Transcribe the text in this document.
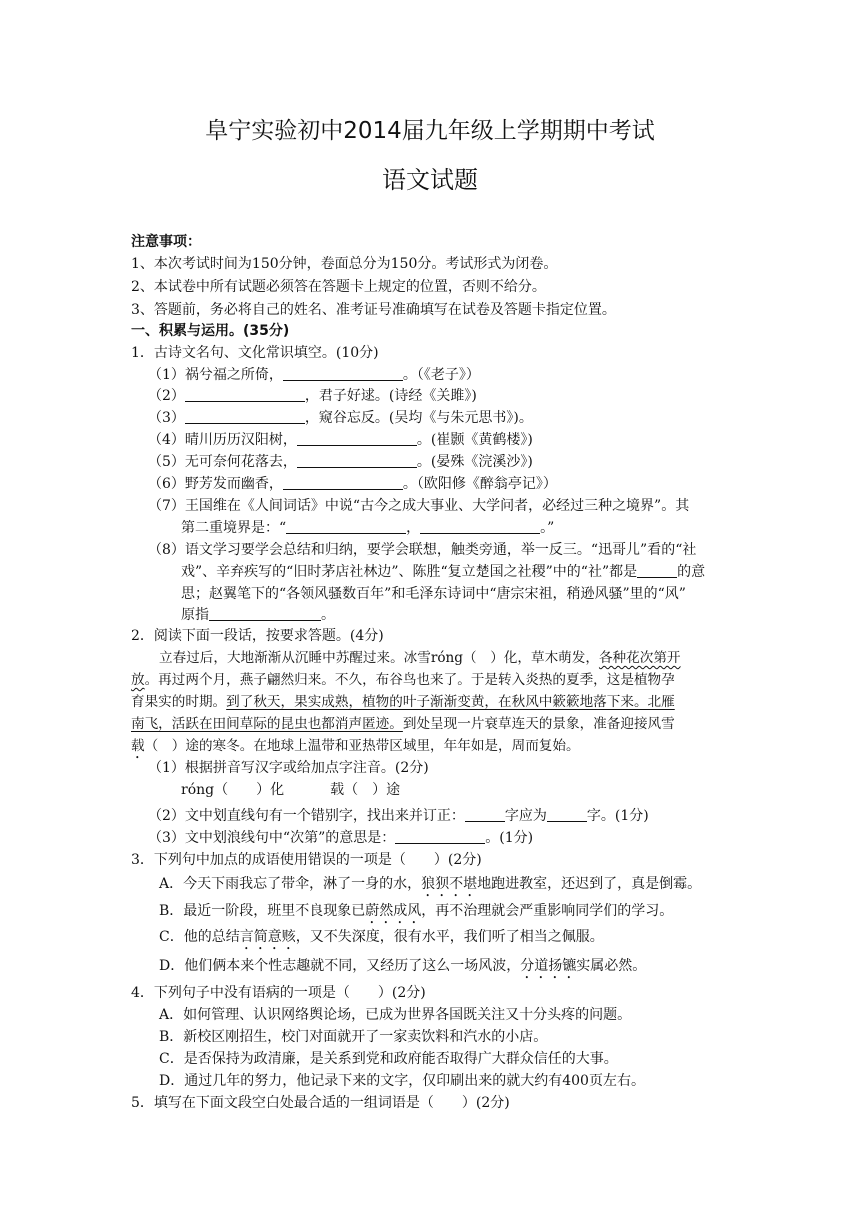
阜宁实验初中2014届九年级上学期期中考试
语文试题
注意事项：
1、本次考试时间为150分钟，卷面总分为150分。考试形式为闭卷。
2、本试卷中所有试题必须答在答题卡上规定的位置，否则不给分。
3、答题前，务必将自己的姓名、准考证号准确填写在试卷及答题卡指定位置。
一、积累与运用。(35分)
1．古诗文名句、文化常识填空。(10分)
（1）祸兮福之所倚，	。（《老子》）
（2）	，君子好逑。(诗经《关雎》)
（3）	，窥谷忘反。(吴均《与朱元思书》)。
（4）晴川历历汉阳树，	。(崔颢《黄鹤楼》)
（5）无可奈何花落去，	。(晏殊《浣溪沙》)
（6）野芳发而幽香，	。（欧阳修《醉翁亭记》）
（7）王国维在《人间词话》中说“古今之成大事业、大学问者，必经过三种之境界”。其
第二重境界是：“	，	。”
（8）语文学习要学会总结和归纳，要学会联想，触类旁通，举一反三。“迅哥儿”看的“社
戏”、辛弃疾写的“旧时茅店社林边”、陈胜“复立楚国之社稷”中的“社”都是	的意
思；赵翼笔下的“各领风骚数百年”和毛泽东诗词中“唐宗宋祖，稍逊风骚”里的“风”
原指	。
2．阅读下面一段话，按要求答题。(4分)
立春过后，大地渐渐从沉睡中苏醒过来。冰雪róng（　）化，草木萌发，各种花次第开
放。再过两个月，燕子翩然归来。不久，布谷鸟也来了。于是转入炎热的夏季，这是植物孕
育果实的时期。到了秋天，果实成熟，植物的叶子渐渐变黄，在秋风中簌簌地落下来。北雁
南飞，活跃在田间草际的昆虫也都消声匿迹。到处呈现一片衰草连天的景象，准备迎接风雪
载（　）途的寒冬。在地球上温带和亚热带区域里，年年如是，周而复始。
（1）根据拼音写汉字或给加点字注音。(2分)
róng（　　）化	载（　）途
（2）文中划直线句有一个错别字，找出来并订正：	字应为	字。(1分)
（3）文中划浪线句中“次第”的意思是：	。(1分)
3．下列句中加点的成语使用错误的一项是（　　）(2分)
A．今天下雨我忘了带伞，淋了一身的水，狼狈不堪地跑进教室，还迟到了，真是倒霉。
B．最近一阶段，班里不良现象已蔚然成风，再不治理就会严重影响同学们的学习。
C．他的总结言简意赅，又不失深度，很有水平，我们听了相当之佩服。
D．他们俩本来个性志趣就不同，又经历了这么一场风波，分道扬镳实属必然。
4．下列句子中没有语病的一项是（　　）(2分)
A．如何管理、认识网络舆论场，已成为世界各国既关注又十分头疼的问题。
B．新校区刚招生，校门对面就开了一家卖饮料和汽水的小店。
C．是否保持为政清廉，是关系到党和政府能否取得广大群众信任的大事。
D．通过几年的努力，他记录下来的文字，仅印刷出来的就大约有400页左右。
5．填写在下面文段空白处最合适的一组词语是（　　）(2分)
